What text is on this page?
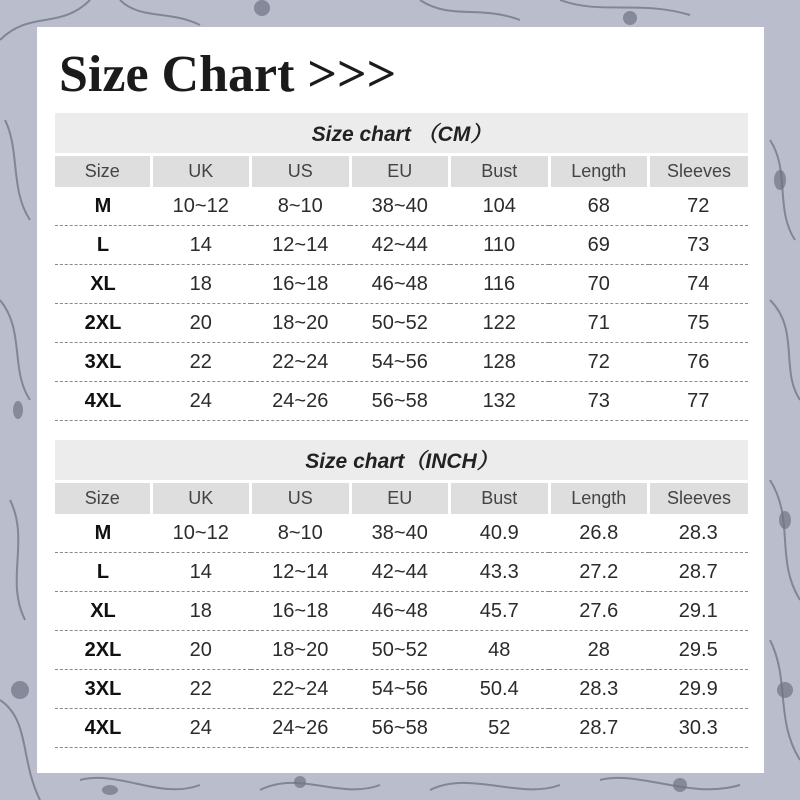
Size Chart >>>
Size chart （CM）
Size	UK	US	EU	Bust	Length	Sleeves
M	10~12	8~10	38~40	104	68	72
L	14	12~14	42~44	110	69	73
XL	18	16~18	46~48	116	70	74
2XL	20	18~20	50~52	122	71	75
3XL	22	22~24	54~56	128	72	76
4XL	24	24~26	56~58	132	73	77
Size chart（INCH）
Size	UK	US	EU	Bust	Length	Sleeves
M	10~12	8~10	38~40	40.9	26.8	28.3
L	14	12~14	42~44	43.3	27.2	28.7
XL	18	16~18	46~48	45.7	27.6	29.1
2XL	20	18~20	50~52	48	28	29.5
3XL	22	22~24	54~56	50.4	28.3	29.9
4XL	24	24~26	56~58	52	28.7	30.3
